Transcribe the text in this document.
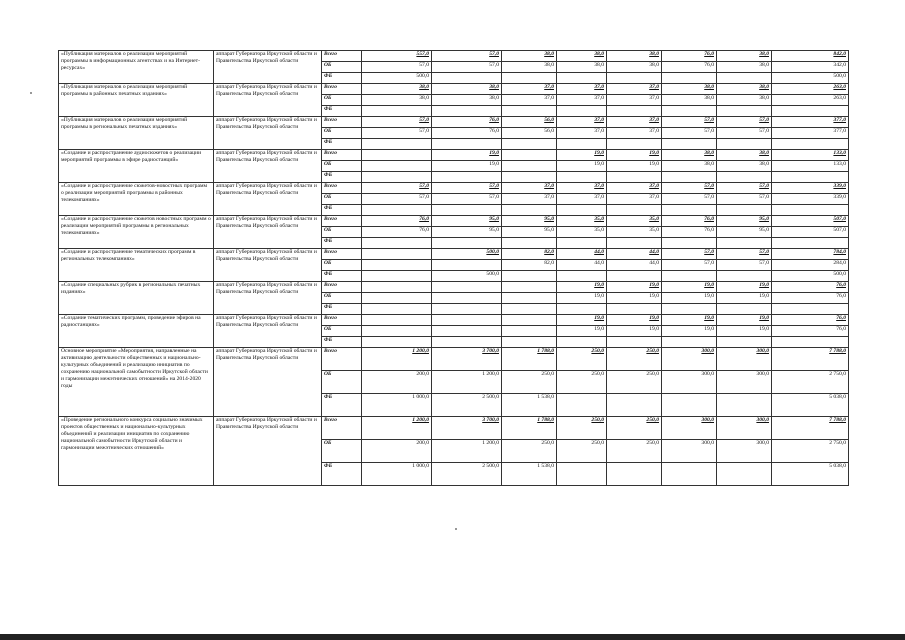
«Публикация материалов о реализации мероприятий программы в информационных агентствах и на Интернет-ресурсах»	аппарат Губернатора Иркутской области и Правительства Иркутской области	Всего	557,0	57,0	38,0	38,0	38,0	76,0	38,0	842,0
		ОБ	57,0	57,0	38,0	38,0	38,0	76,0	38,0	342,0
		ФБ	500,0							500,0
«Публикация материалов о реализации мероприятий программы в районных печатных изданиях»	аппарат Губернатора Иркутской области и Правительства Иркутской области	Всего	38,0	38,0	37,0	37,0	37,0	38,0	38,0	263,0
		ОБ	38,0	38,0	37,0	37,0	37,0	38,0	38,0	263,0
		ФБ								
«Публикация материалов о реализации мероприятий программы в региональных печатных изданиях»	аппарат Губернатора Иркутской области и Правительства Иркутской области	Всего	57,0	76,0	56,0	37,0	37,0	57,0	57,0	377,0
		ОБ	57,0	76,0	56,0	37,0	37,0	57,0	57,0	377,0
		ФБ								
«Создание и распространение аудиосюжетов о реализации мероприятий программы в эфире радиостанций»	аппарат Губернатора Иркутской области и Правительства Иркутской области	Всего		19,0		19,0	19,0	38,0	38,0	133,0
		ОБ		19,0		19,0	19,0	38,0	38,0	133,0
		ФБ								
«Создание и распространение сюжетов-новостных программ о реализации мероприятий программы в районных телекомпаниях»	аппарат Губернатора Иркутской области и Правительства Иркутской области	Всего	57,0	57,0	37,0	37,0	37,0	57,0	57,0	339,0
		ОБ	57,0	57,0	37,0	37,0	37,0	57,0	57,0	339,0
		ФБ								
«Создание и распространение сюжетов новостных программ о реализации мероприятий программы в региональных телекомпаниях»	аппарат Губернатора Иркутской области и Правительства Иркутской области	Всего	76,0	95,0	95,0	35,0	35,0	76,0	95,0	507,0
		ОБ	76,0	95,0	95,0	35,0	35,0	76,0	95,0	507,0
		ФБ								
«Создание и распространение тематических программ в региональных телекомпаниях»	аппарат Губернатора Иркутской области и Правительства Иркутской области	Всего		500,0	82,0	44,0	44,0	57,0	57,0	784,0
		ОБ			82,0	44,0	44,0	57,0	57,0	284,0
		ФБ		500,0						500,0
«Создание специальных рубрик в региональных печатных изданиях»	аппарат Губернатора Иркутской области и Правительства Иркутской области	Всего				19,0	19,0	19,0	19,0	76,0
		ОБ				19,0	19,0	19,0	19,0	76,0
		ФБ								
«Создание тематических программ, проведение эфиров на радиостанциях»	аппарат Губернатора Иркутской области и Правительства Иркутской области	Всего				19,0	19,0	19,0	19,0	76,0
		ОБ				19,0	19,0	19,0	19,0	76,0
		ФБ								
Основное мероприятие «Мероприятия, направленные на активизацию деятельности общественных и национально-культурных объединений и реализацию инициатив по сохранению национальной самобытности Иркутской области и гармонизации межэтнических отношений» на 2014-2020 годы	аппарат Губернатора Иркутской области и Правительства Иркутской области	Всего	1 200,0	3 700,0	1 788,0	250,0	250,0	300,0	300,0	7 788,0
		ОБ	200,0	1 200,0	250,0	250,0	250,0	300,0	300,0	2 750,0
		ФБ	1 000,0	2 500,0	1 538,0					5 038,0
«Проведение регионального конкурса социально значимых проектов общественных и национально-культурных объединений и реализации инициатив по сохранению национальной самобытности Иркутской области и гармонизации межэтнических отношений»	аппарат Губернатора Иркутской области и Правительства Иркутской области	Всего	1 200,0	3 700,0	1 788,0	250,0	250,0	300,0	300,0	7 788,0
		ОБ	200,0	1 200,0	250,0	250,0	250,0	300,0	300,0	2 750,0
		ФБ	1 000,0	2 500,0	1 538,0					5 038,0
